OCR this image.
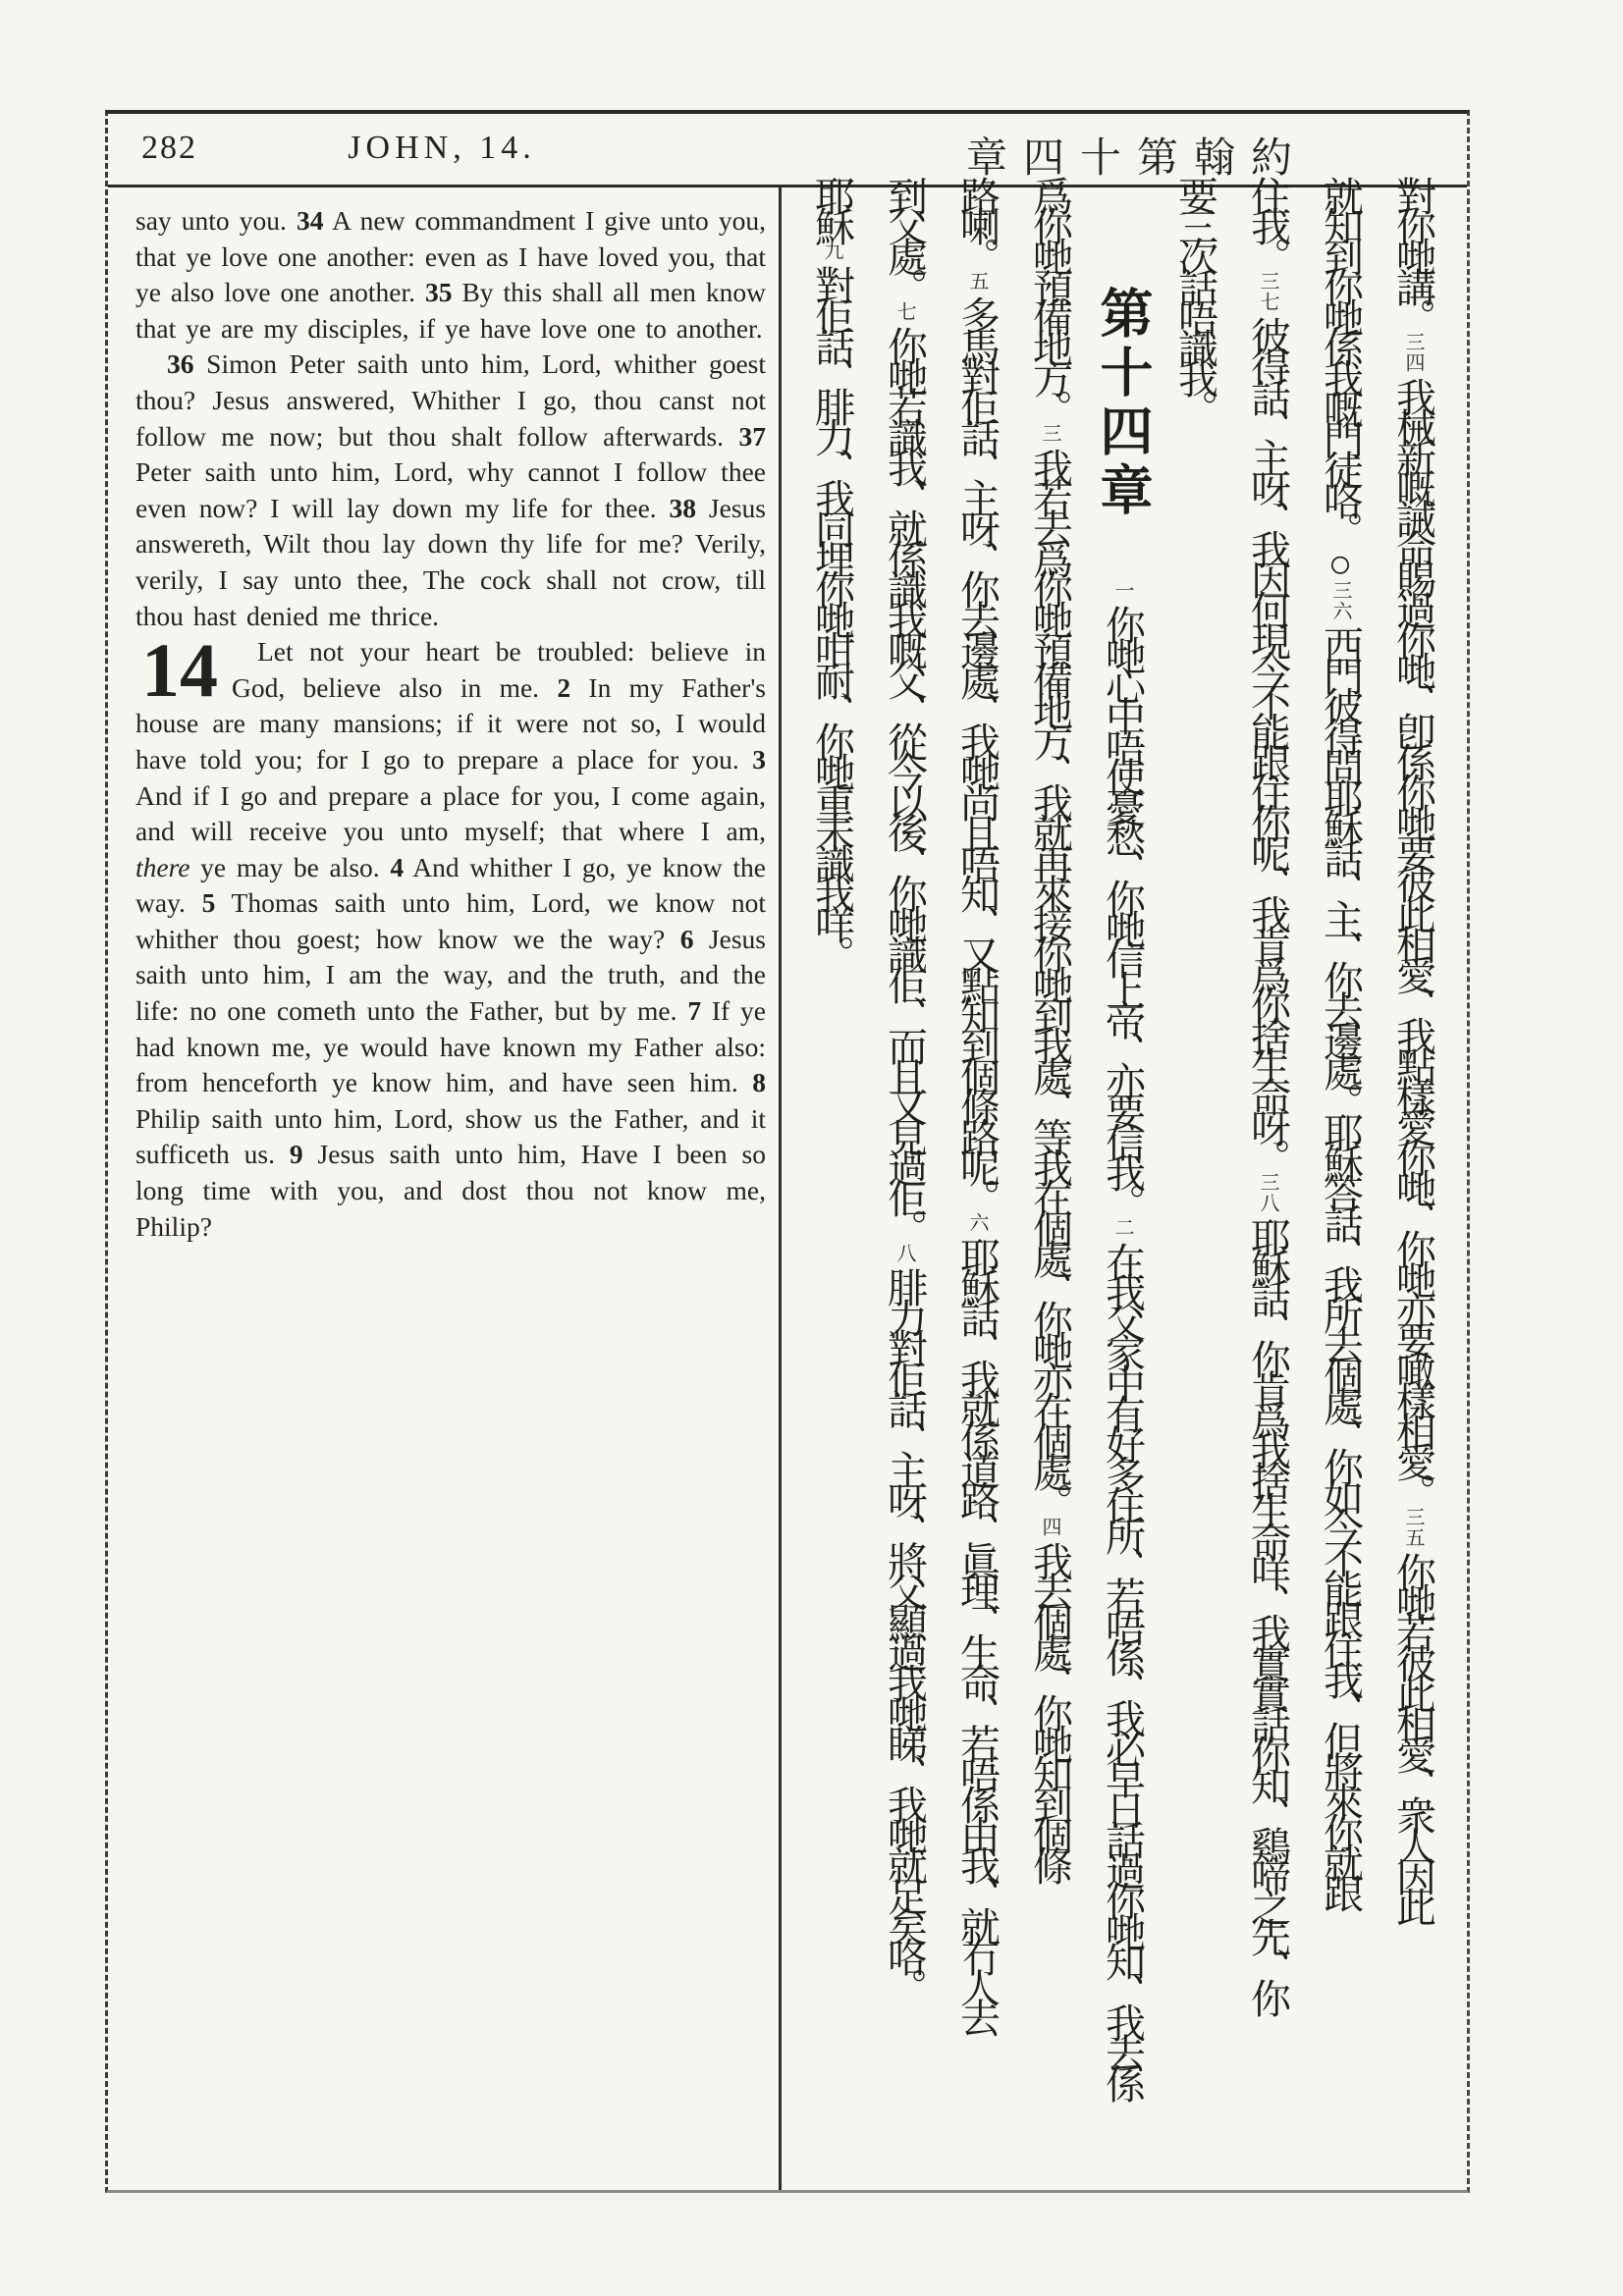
282	JOHN, 14.	章四十第翰約

say unto you. 34 A new commandment I give unto you, that ye love one another: even as I have loved you, that ye also love one another. 35 By this shall all men know that ye are my disciples, if ye have love one to another.

36 Simon Peter saith unto him, Lord, whither goest thou? Jesus answered, Whither I go, thou canst not follow me now; but thou shalt follow afterwards. 37 Peter saith unto him, Lord, why cannot I follow thee even now? I will lay down my life for thee. 38 Jesus answereth, Wilt thou lay down thy life for me? Verily, verily, I say unto thee, The cock shall not crow, till thou hast denied me thrice.

14	Let not your heart be troubled: believe in God, believe also in me. 2 In my Father's house are many mansions; if it were not so, I would have told you; for I go to prepare a place for you. 3 And if I go and prepare a place for you, I come again, and will receive you unto myself; that where I am, there ye may be also. 4 And whither I go, ye know the way. 5 Thomas saith unto him, Lord, we know not whither thou goest; how know we the way? 6 Jesus saith unto him, I am the way, and the truth, and the life: no one cometh unto the Father, but by me. 7 If ye had known me, ye would have known my Father also: from henceforth ye know him, and have seen him. 8 Philip saith unto him, Lord, show us the Father, and it sufficeth us. 9 Jesus saith unto him, Have I been so long time with you, and dost thou not know me, Philip?

對你哋講。三四我械新嘅誡命賜過你哋、卽係你哋要彼此相愛、我點樣愛你哋、你哋亦要噉樣相愛。三五你哋若彼此相愛、衆人因此
就知到你哋係我嘅門徒咯。○三六西門彼得問耶穌話、主、你去邊處。耶穌答話、我所去個處、你如今不能跟住我、但將來你就跟
住我。三七彼得話、主呀、我因何現今不能跟住你呢、我肯爲你捨生命呀。三八耶穌話、你肯爲我捨生命咩、我實實話你知、鷄啼之先、你
要三次話唔識我。
第十四章一你哋心中唔使憂愁、你哋信上帝、亦要信我。二在我父家中有好多住所、若唔係、我必早日話過你哋知、我去係
爲你哋預備地方。三我若去爲你哋預備地方、我就再來接你哋到我處、等我在個處、你哋亦在個處。四我去個處、你哋知到個條
路喇。五多馬對佢話、主呀、你去邊處、我哋尚且唔知、又點知到個條路呢。六耶穌話、我就係道路、眞理、生命、若唔係由我、就冇人去
到父處。七你哋若識我、就係識我嘅父、從今以後、你哋識佢、而且又見過佢。八腓力對佢話、主呀、將父顯過我哋睇、我哋就足矣咯。
耶穌九對佢話、腓力、我同埋你哋咁耐、你哋重未識我咩。
